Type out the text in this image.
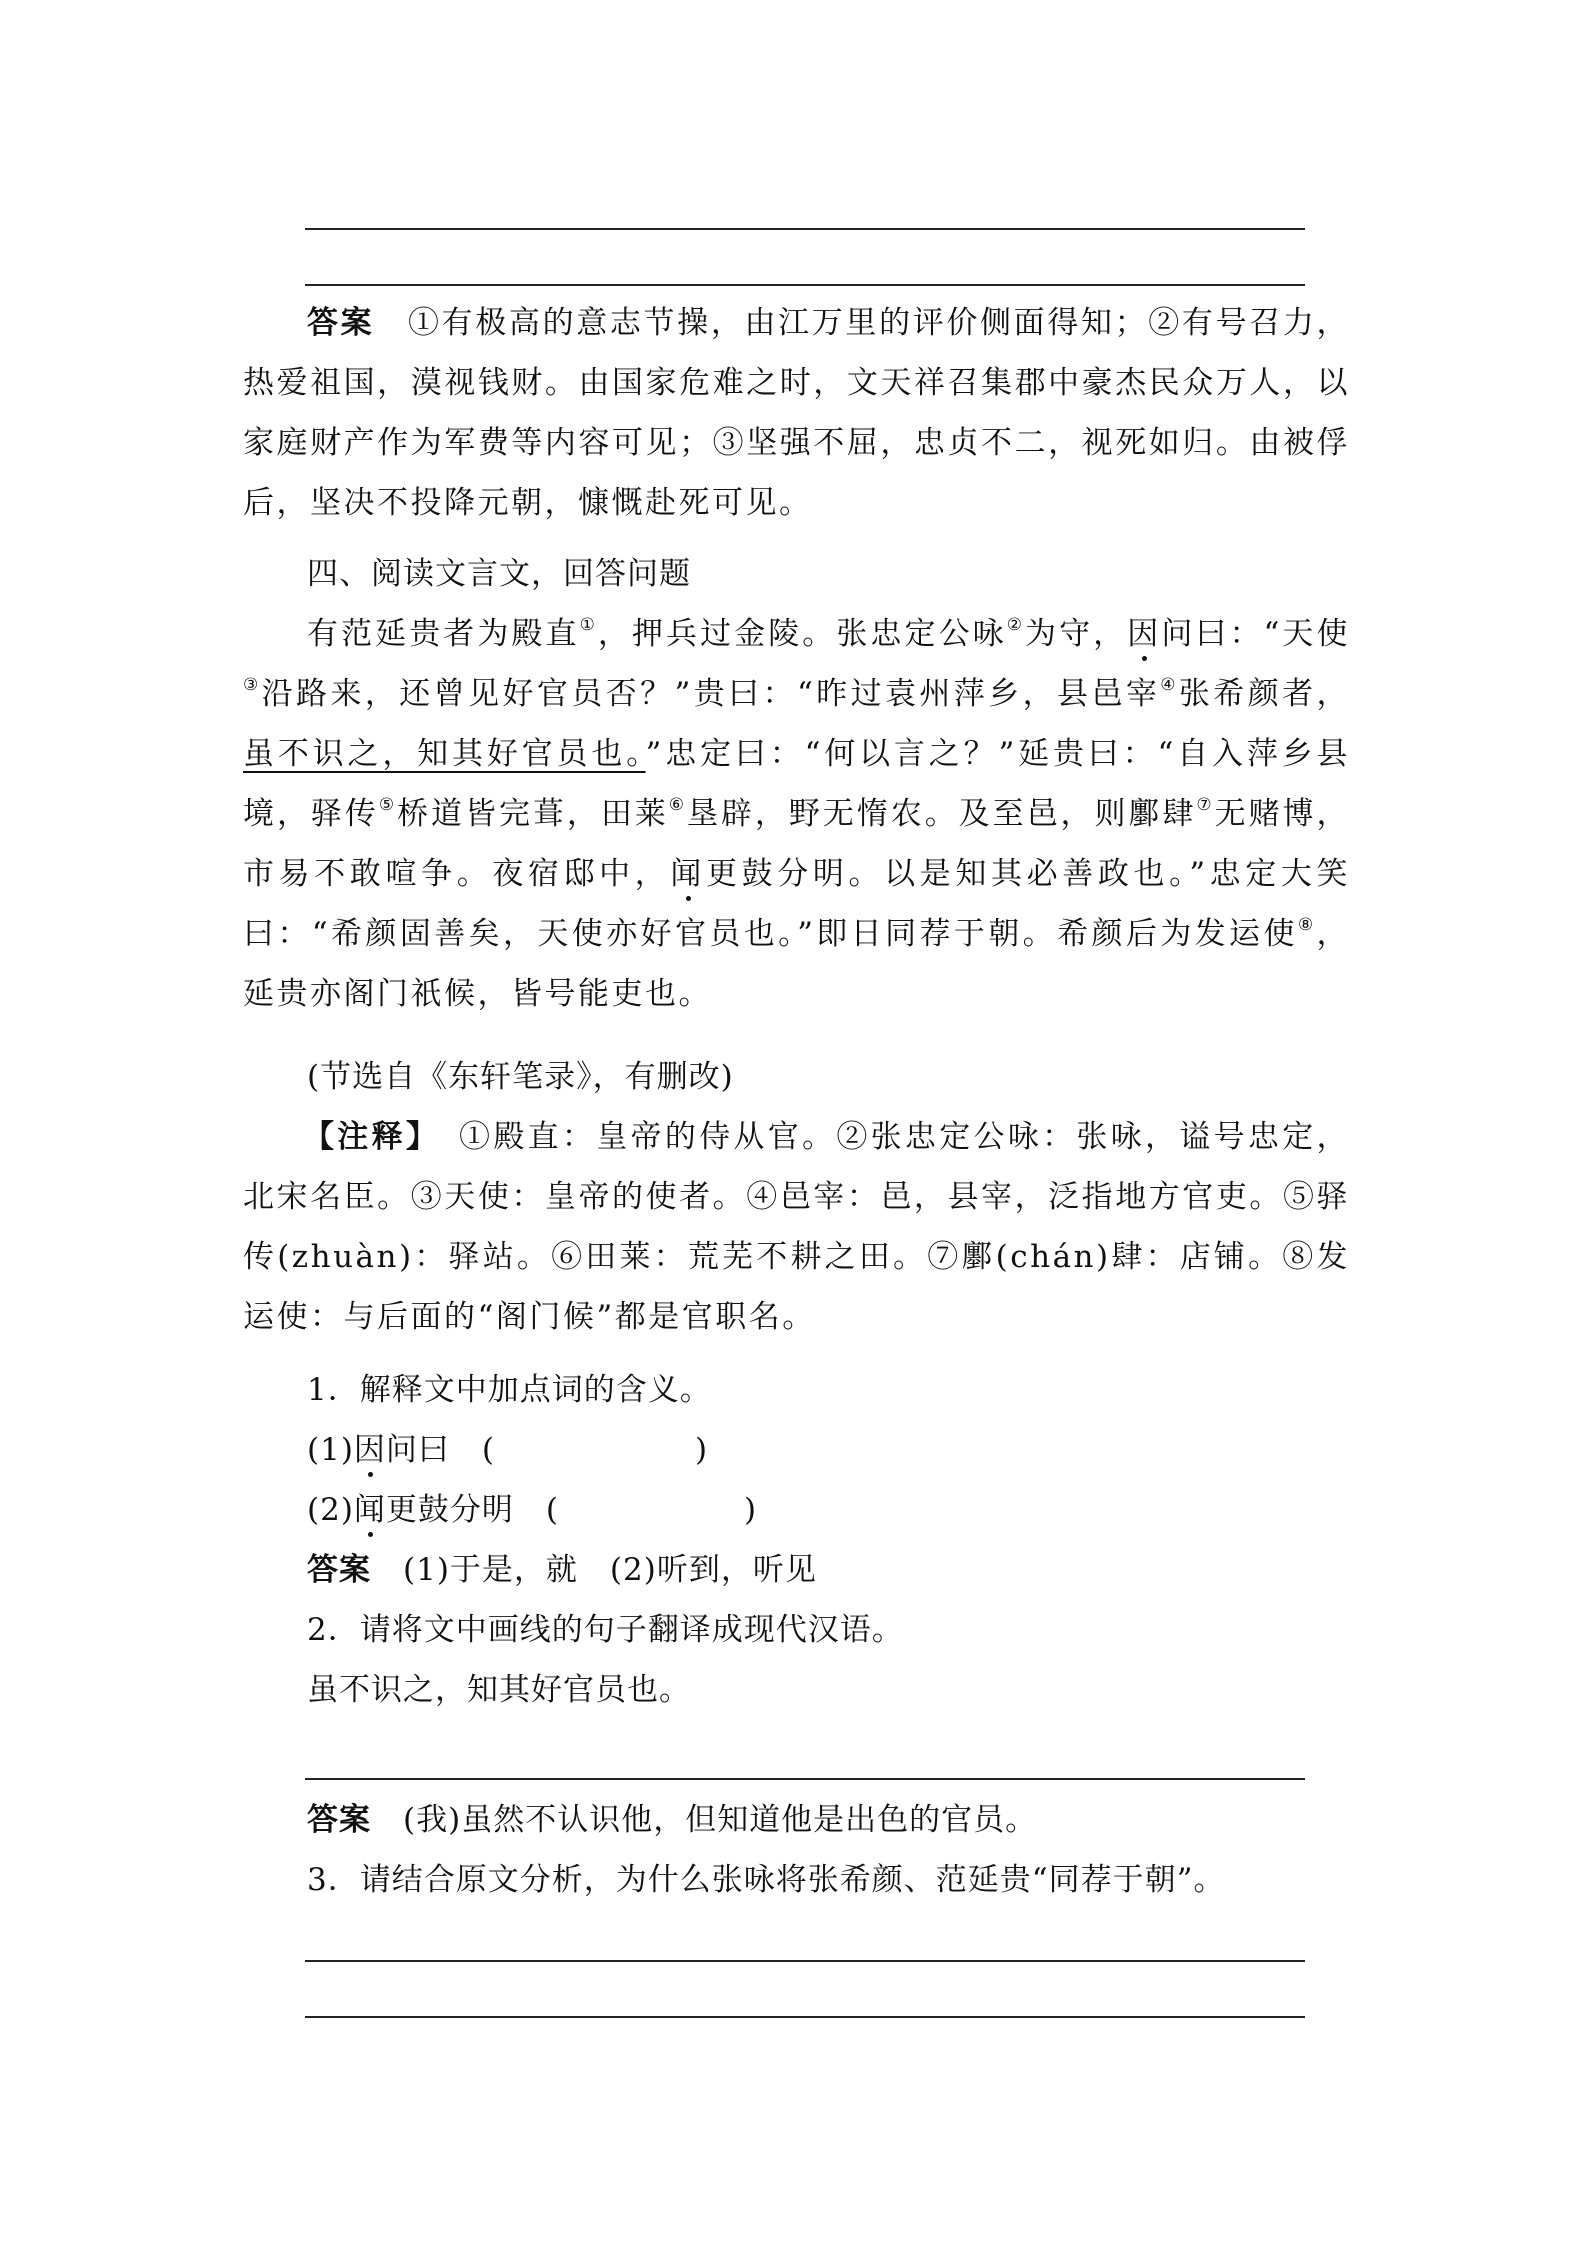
答案　 ①有极高的意志节操，由江万里的评价侧面得知；②有号召力，热爱祖国，漠视钱财。由国家危难之时，文天祥召集郡中豪杰民众万人，以家庭财产作为军费等内容可见；③坚强不屈，忠贞不二，视死如归。由被俘后，坚决不投降元朝，慷慨赴死可见。

四、阅读文言文，回答问题

有范延贵者为殿直①，押兵过金陵。张忠定公咏②为守，因问曰：“天使③沿路来，还曾见好官员否？”贵曰：“昨过袁州萍乡，县邑宰④张希颜者，虽不识之，知其好官员也。”忠定曰：“何以言之？”延贵曰：“自入萍乡县境，驿传⑤桥道皆完葺，田莱⑥垦辟，野无惰农。及至邑，则鄽肆⑦无赌博，市易不敢喧争。夜宿邸中，闻更鼓分明。以是知其必善政也。”忠定大笑曰：“希颜固善矣，天使亦好官员也。”即日同荐于朝。希颜后为发运使⑧，延贵亦阁门祇候，皆号能吏也。

(节选自《东轩笔录》，有删改)

【注释】　 ①殿直：皇帝的侍从官。②张忠定公咏：张咏，谥号忠定，北宋名臣。③天使：皇帝的使者。④邑宰：邑，县宰，泛指地方官吏。⑤驿传(zhuàn)：驿站。⑥田莱：荒芜不耕之田。⑦鄽(chán)肆：店铺。⑧发运使：与后面的“阁门候”都是官职名。

1．解释文中加点词的含义。

(1)因问曰　(	)

(2)闻更鼓分明　(	)

答案　 (1)于是，就　(2)听到，听见

2．请将文中画线的句子翻译成现代汉语。

虽不识之，知其好官员也。

答案　 (我)虽然不认识他，但知道他是出色的官员。

3．请结合原文分析，为什么张咏将张希颜、范延贵“同荐于朝”。
